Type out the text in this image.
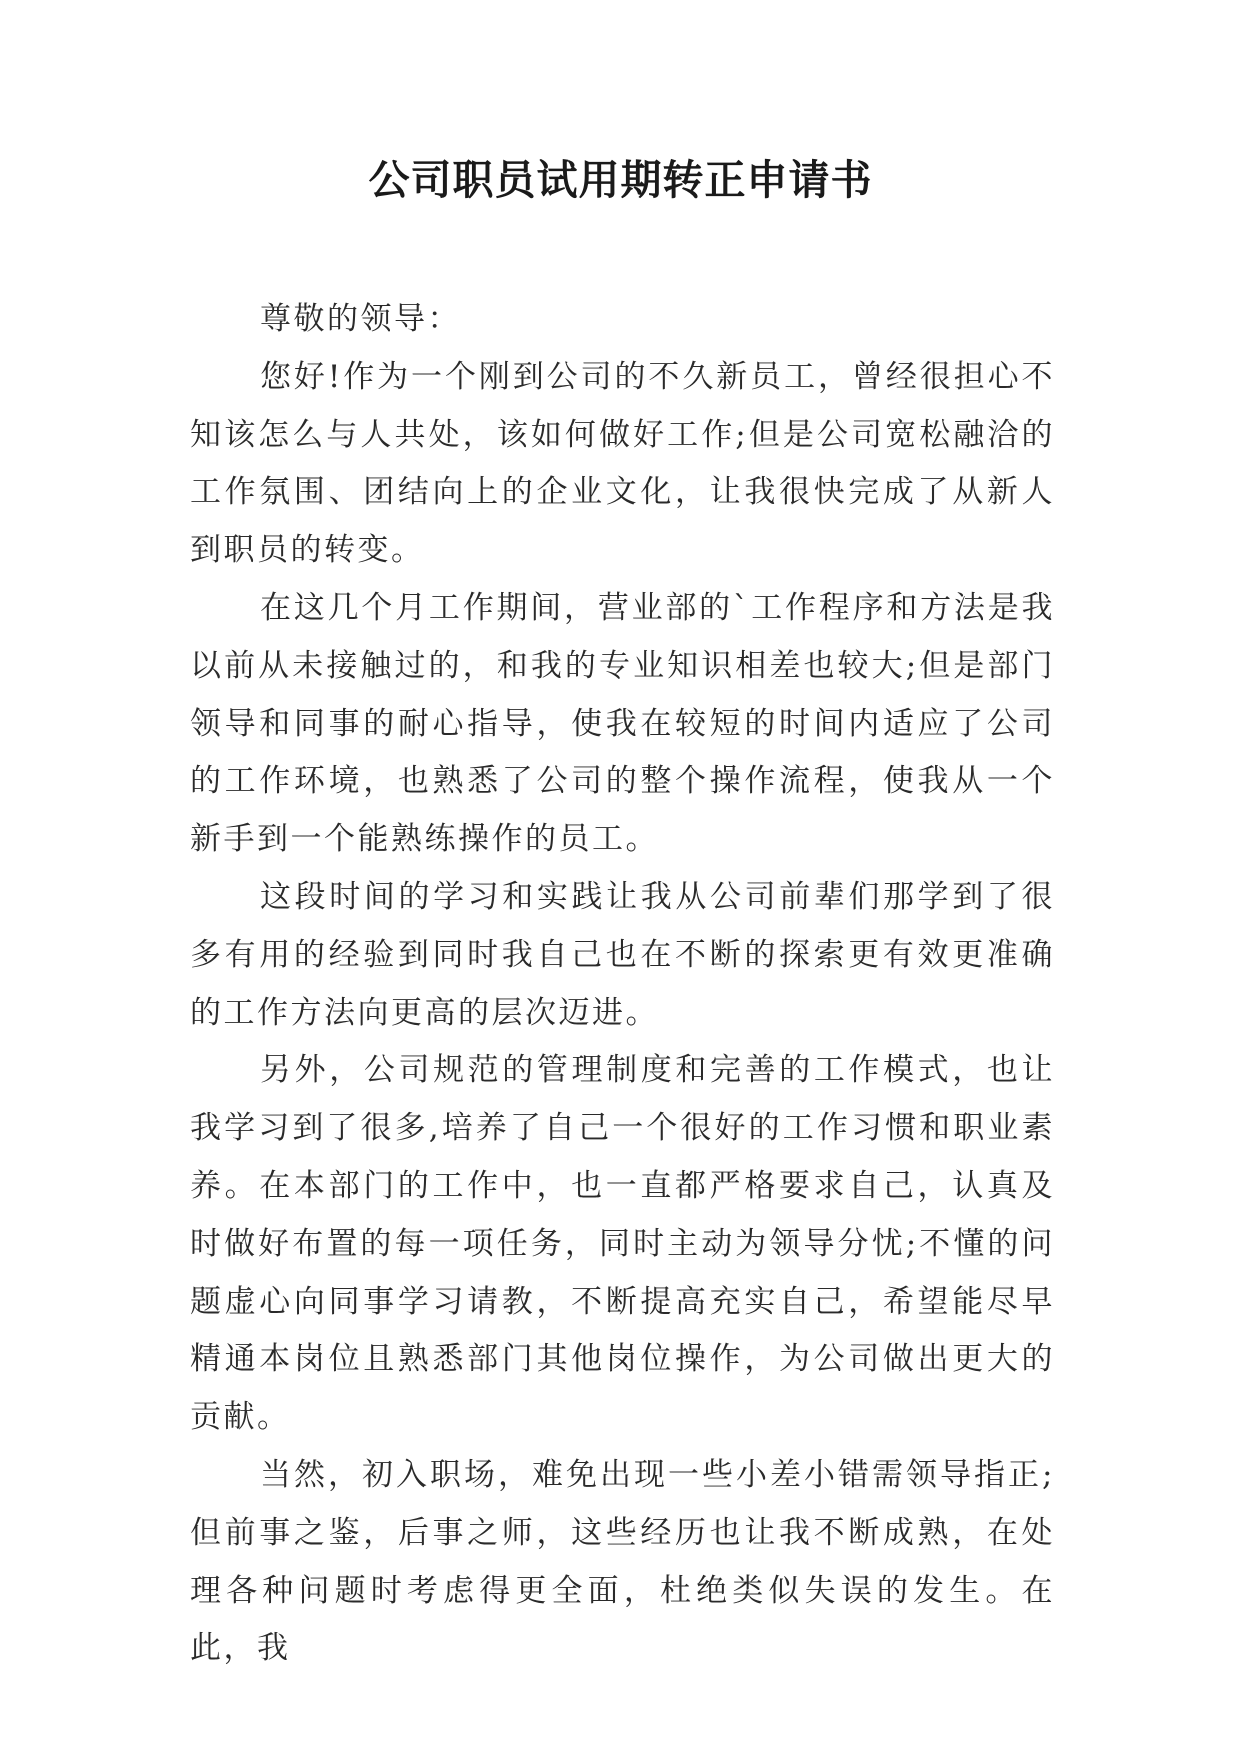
公司职员试用期转正申请书

尊敬的领导：

您好!作为一个刚到公司的不久新员工，曾经很担心不知该怎么与人共处，该如何做好工作;但是公司宽松融洽的工作氛围、团结向上的企业文化，让我很快完成了从新人到职员的转变。

在这几个月工作期间，营业部的`工作程序和方法是我以前从未接触过的，和我的专业知识相差也较大;但是部门领导和同事的耐心指导，使我在较短的时间内适应了公司的工作环境，也熟悉了公司的整个操作流程，使我从一个新手到一个能熟练操作的员工。

这段时间的学习和实践让我从公司前辈们那学到了很多有用的经验到同时我自己也在不断的探索更有效更准确的工作方法向更高的层次迈进。

另外，公司规范的管理制度和完善的工作模式，也让我学习到了很多,培养了自己一个很好的工作习惯和职业素养。在本部门的工作中，也一直都严格要求自己，认真及时做好布置的每一项任务，同时主动为领导分忧;不懂的问题虚心向同事学习请教，不断提高充实自己，希望能尽早精通本岗位且熟悉部门其他岗位操作，为公司做出更大的贡献。

当然，初入职场，难免出现一些小差小错需领导指正;但前事之鉴，后事之师，这些经历也让我不断成熟，在处理各种问题时考虑得更全面，杜绝类似失误的发生。在此，我
